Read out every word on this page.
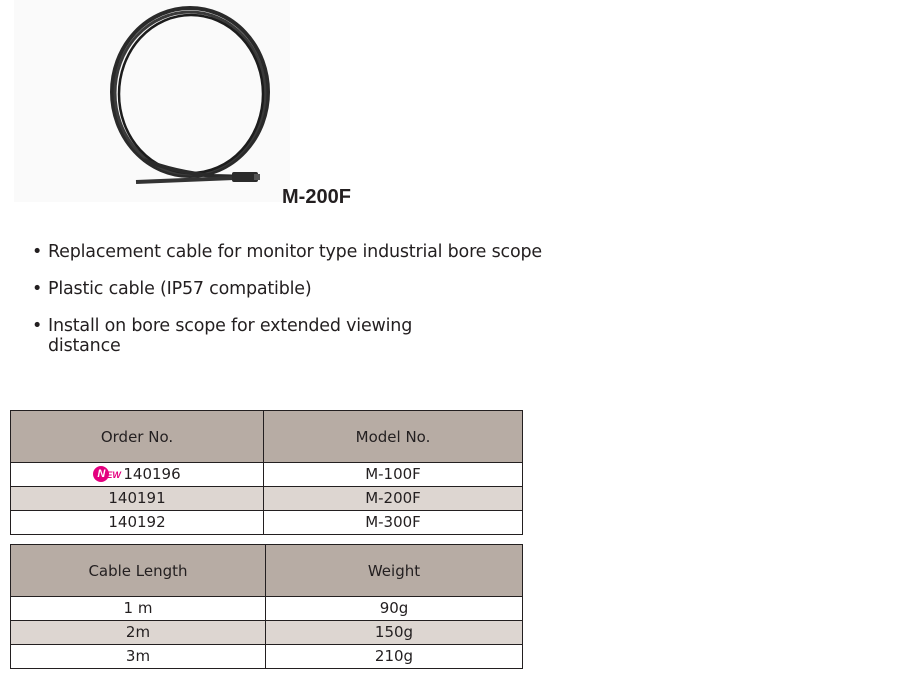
M-200F
• Replacement cable for monitor type industrial bore scope
• Plastic cable (IP57 compatible)
• Install on bore scope for extended viewing distance
Order No.	Model No.

N EW 140196	M-100F
140191	M-200F
140192	M-300F
Cable Length	Weight
1 m	90g
2m	150g
3m	210g
